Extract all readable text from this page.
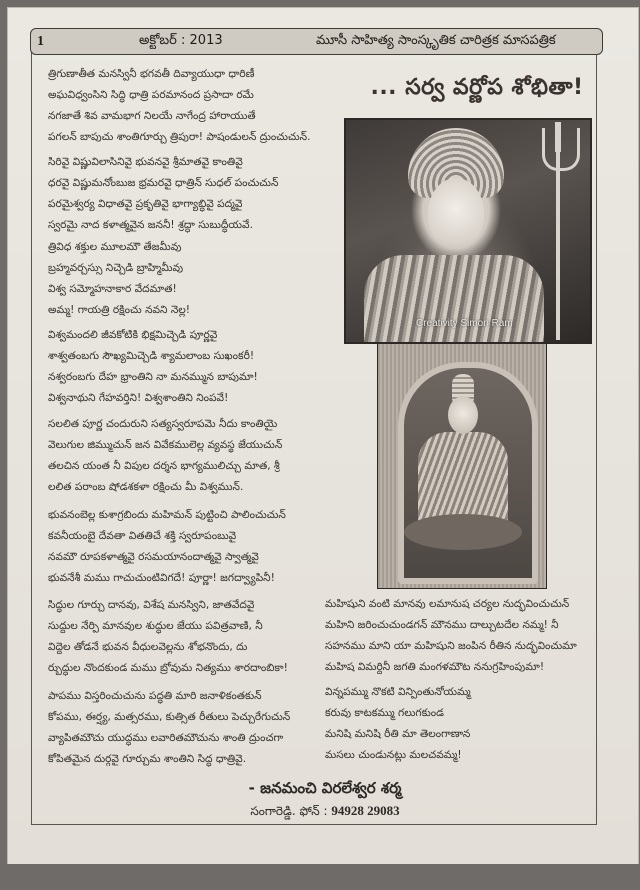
1	అక్టోబర్ : 2013	మూసీ సాహిత్య సాంస్కృతిక చారిత్రక మాసపత్రిక
... సర్వ వర్ణోప శోభితా!
త్రిగుణాతీత మనస్వినీ భగవతీ దివ్యాయుధా ధారిణీ
అఘవిధ్వంసిని సిద్ధి ధాత్రి పరమానంద ప్రసాదా రమే
నగజాతే శివ వామభాగ నిలయే నాగేంద్ర హారాయుతే
పగలన్ బాపుచు శాంతిగూర్చు త్రిపురా! పాషండులన్ ద్రుంచుచున్.
సిరివై విష్ణువిలాసినివై భువనవై శ్రీమాతవై కాంతివై
ధరవై విష్ణుమనోంబుజ భ్రమరవై ధాత్రిన్ సుధల్ పంచుచున్
పరమైశ్వర్య విధాతవై ప్రకృతివై భాగ్యాబ్ధివై పద్మవై
స్వరమై నాద కళాత్మవైన జననీ! శ్రద్ధా సుబుద్ధీయవే.
త్రివిధ శక్తుల మూలమౌ తేజమీవు
బ్రహ్మవర్చస్సు నిచ్చెడి బ్రాహ్మిమీవు
విశ్వ సమ్మోహనాకార వేదమాత!
అమ్మ! గాయత్రి రక్షించు నవని నెల్ల!
విశ్వమందలి జీవకోటికి భిక్షమిచ్చెడి పూర్ణవై
శాశ్వతంబగు సౌఖ్యమిచ్చెడి శ్యామలాంబ సుఖంకరీ!
నశ్వరంబగు దేహ భ్రాంతిని నా మనమ్మున బాపుమా!
విశ్వనాథుని గేహవర్తిని! విశ్వశాంతిని నింపవే!
సలలిత పూర్ణ చందురుని సత్యస్వరూపమె నీదు కాంతియై
వెలుగుల జిమ్ముచున్ జన వివేకములెల్ల వ్యవస్థ జేయుచున్
తలచిన యంత నీ విపుల దర్శన భాగ్యములిచ్చు మాత, శ్రీ
లలిత పరాంబ షోడశకళా రక్షించు మీ విశ్వమున్.
భువనంబెల్ల కుశాగ్రబిందు మహిమన్ పుట్టించి పాలించుచున్
కవనీయంబై దేవతా వితతిచే శక్తి స్వరూపంబువై
నవమౌ రూపకళాత్మవై రసమయానందాత్మవై స్వాత్మవై
భువనేశీ మము గాచుచుంటివిగదే! పూర్ణా! జగద్వ్యాపినీ!
సిద్ధుల గూర్చు దానవు, విశేష మనస్విని, జాతవేదవై
సుద్దుల నేర్పి మానవుల శుద్ధుల జేయు పవిత్రవాణి, నీ
విద్దెల తోడనే భువన వీధులవెల్లను శోభనొందు, దు
ర్బుద్ధుల నొందకుండ మము బ్రోవుమ నిత్యము శారదాంబికా!
పాపము విస్తరించుచును పద్ధతి మారి జనాళికంతకున్
కోపము, ఈర్ష్య, మత్సరము, కుత్సిత రీతులు పెచ్చురేగుచున్
వ్యాపితమౌచు యుద్ధము లవారితమౌచును శాంతి ద్రుంచగా
కోపితమైన దుర్గవై గూర్చుమ శాంతిని సిద్ధ ధాత్రివై.
మహిషుని వంటి మానవు లమానుష చర్యల నుద్భవించుచున్
మహిని జరించుచుండగన్ మౌనము దాల్చుటదేల నమ్మ! నీ
సహనము మాని యా మహిషుని జంపిన రీతిన నుద్భవించుమా
మహిష విమర్దినీ జగతి మంగళమౌట ననుగ్రహింపుమా!
విన్నపమ్ము నొకటి విన్పింతునోయమ్మ
కరువు కాటకమ్ము గలుగకుండ
మనిషి మనిషి రీతి మా తెలంగాణాన
మసలు చుండునట్లు మలచవమ్మ!
Creativity Simon Ram
- జనమంచి విరలేశ్వర శర్మ
సంగారెడ్డి. ఫోన్ : 94928 29083
